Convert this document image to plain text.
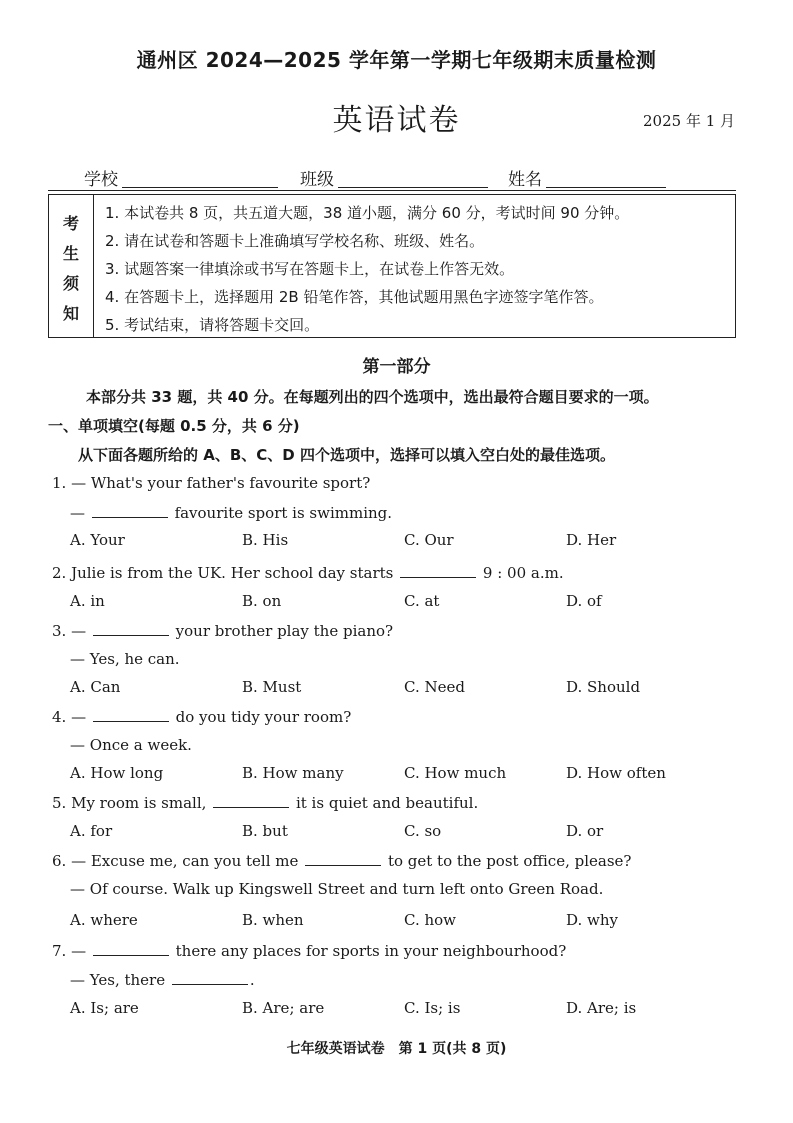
通州区 2024—2025 学年第一学期七年级期末质量检测
英语试卷	2025 年 1 月
学校	班级	姓名
考
生
须
知
1. 本试卷共 8 页，共五道大题，38 道小题，满分 60 分，考试时间 90 分钟。
2. 请在试卷和答题卡上准确填写学校名称、班级、姓名。
3. 试题答案一律填涂或书写在答题卡上，在试卷上作答无效。
4. 在答题卡上，选择题用 2B 铅笔作答，其他试题用黑色字迹签字笔作答。
5. 考试结束，请将答题卡交回。
第一部分
本部分共 33 题，共 40 分。在每题列出的四个选项中，选出最符合题目要求的一项。
一、单项填空(每题 0.5 分，共 6 分)
从下面各题所给的 A、B、C、D 四个选项中，选择可以填入空白处的最佳选项。
1. — What's your father's favourite sport?
—	favourite sport is swimming.
A. Your	B. His	C. Our	D. Her
2. Julie is from the UK. Her school day starts	9 : 00 a.m.
A. in	B. on	C. at	D. of
3. —	your brother play the piano?
— Yes, he can.
A. Can	B. Must	C. Need	D. Should
4. —	do you tidy your room?
— Once a week.
A. How long	B. How many	C. How much	D. How often
5. My room is small,	it is quiet and beautiful.
A. for	B. but	C. so	D. or
6. — Excuse me, can you tell me	to get to the post office, please?
— Of course. Walk up Kingswell Street and turn left onto Green Road.
A. where	B. when	C. how	D. why
7. —	there any places for sports in your neighbourhood?
— Yes, there	.
A. Is; are	B. Are; are	C. Is; is	D. Are; is
七年级英语试卷　第 1 页(共 8 页)
